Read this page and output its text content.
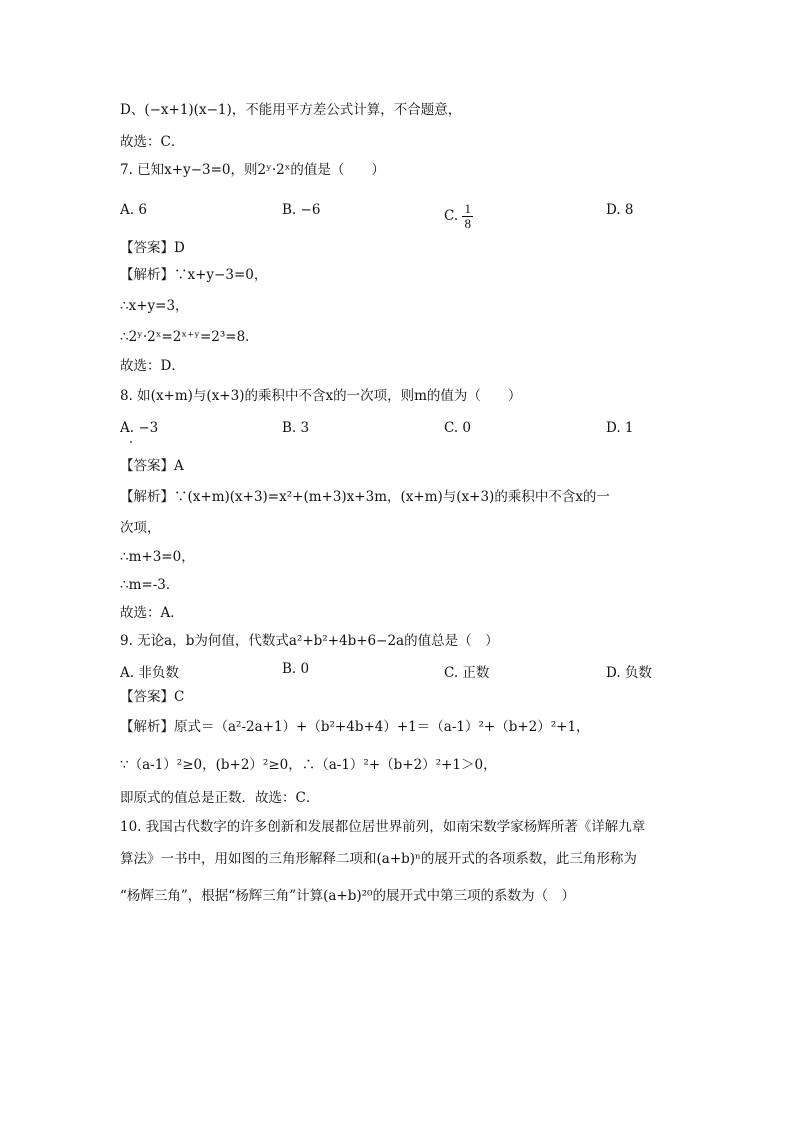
D、(−x+1)(x−1)，不能用平方差公式计算，不合题意，
故选：C．
7. 已知x+y−3=0，则2ʸ·2ˣ的值是（　　）
A. 6	B. −6	C. $\frac{1}{8}$	D. 8
【答案】D
【解析】∵x+y−3=0，
∴x+y=3，
∴2ʸ·2ˣ=2ˣ⁺ʸ=2³=8．
故选：D．
8. 如(x+m)与(x+3)的乘积中不含x的一次项，则m的值为（　　）
A. −3	B. 3	C. 0	D. 1
【答案】A
【解析】∵(x+m)(x+3)=x²+(m+3)x+3m，(x+m)与(x+3)的乘积中不含x的一
次项，
∴m+3=0，
∴m=-3．
故选：A．
9. 无论a，b为何值，代数式a²+b²+4b+6−2a的值总是（　）
A. 非负数	B. 0	C. 正数	D. 负数
【答案】C
【解析】原式＝（a²-2a+1）+（b²+4b+4）+1＝（a-1）²+（b+2）²+1，
∵（a-1）²≥0，(b+2）²≥0，∴（a-1）²+（b+2）²+1＞0，
即原式的值总是正数．故选：C．
10. 我国古代数字的许多创新和发展都位居世界前列，如南宋数学家杨辉所著《详解九章
算法》一书中，用如图的三角形解释二项和(a+b)ⁿ的展开式的各项系数，此三角形称为
“杨辉三角”，根据“杨辉三角”计算(a+b)²⁰的展开式中第三项的系数为（　）
